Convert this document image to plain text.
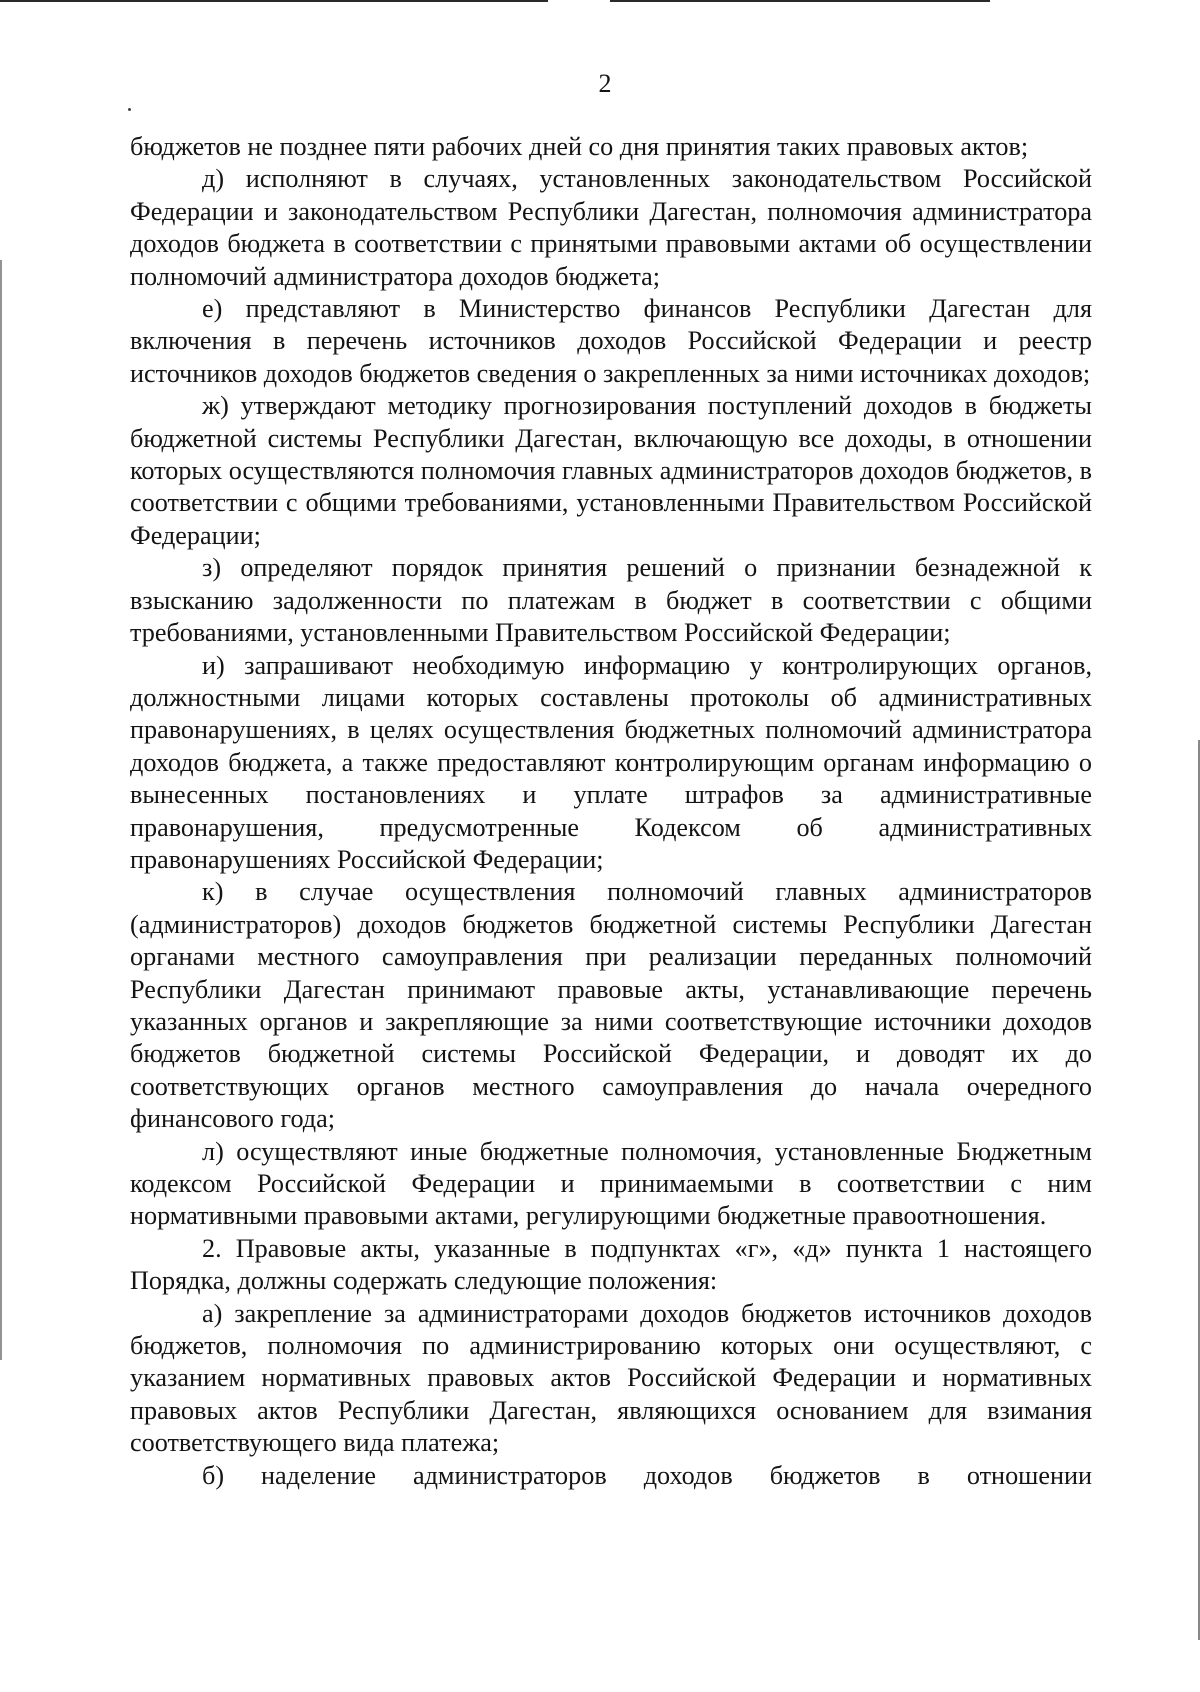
2

бюджетов не позднее пяти рабочих дней со дня принятия таких правовых актов;

д) исполняют в случаях, установленных законодательством Российской Федерации и законодательством Республики Дагестан, полномочия администратора доходов бюджета в соответствии с принятыми правовыми актами об осуществлении полномочий администратора доходов бюджета;

е) представляют в Министерство финансов Республики Дагестан для включения в перечень источников доходов Российской Федерации и реестр источников доходов бюджетов сведения о закрепленных за ними источниках доходов;

ж) утверждают методику прогнозирования поступлений доходов в бюджеты бюджетной системы Республики Дагестан, включающую все доходы, в отношении которых осуществляются полномочия главных администраторов доходов бюджетов, в соответствии с общими требованиями, установленными Правительством Российской Федерации;

з) определяют порядок принятия решений о признании безнадежной к взысканию задолженности по платежам в бюджет в соответствии с общими требованиями, установленными Правительством Российской Федерации;

и) запрашивают необходимую информацию у контролирующих органов, должностными лицами которых составлены протоколы об административных правонарушениях, в целях осуществления бюджетных полномочий администратора доходов бюджета, а также предоставляют контролирующим органам информацию о вынесенных постановлениях и уплате штрафов за административные правонарушения, предусмотренные Кодексом об административных правонарушениях Российской Федерации;

к) в случае осуществления полномочий главных администраторов (администраторов) доходов бюджетов бюджетной системы Республики Дагестан органами местного самоуправления при реализации переданных полномочий Республики Дагестан принимают правовые акты, устанавливающие перечень указанных органов и закрепляющие за ними соответствующие источники доходов бюджетов бюджетной системы Российской Федерации, и доводят их до соответствующих органов местного самоуправления до начала очередного финансового года;

л) осуществляют иные бюджетные полномочия, установленные Бюджетным кодексом Российской Федерации и принимаемыми в соответствии с ним нормативными правовыми актами, регулирующими бюджетные правоотношения.

2. Правовые акты, указанные в подпунктах «г», «д» пункта 1 настоящего Порядка, должны содержать следующие положения:

а) закрепление за администраторами доходов бюджетов источников доходов бюджетов, полномочия по администрированию которых они осуществляют, с указанием нормативных правовых актов Российской Федерации и нормативных правовых актов Республики Дагестан, являющихся основанием для взимания соответствующего вида платежа;

б) наделение администраторов доходов бюджетов в отношении
